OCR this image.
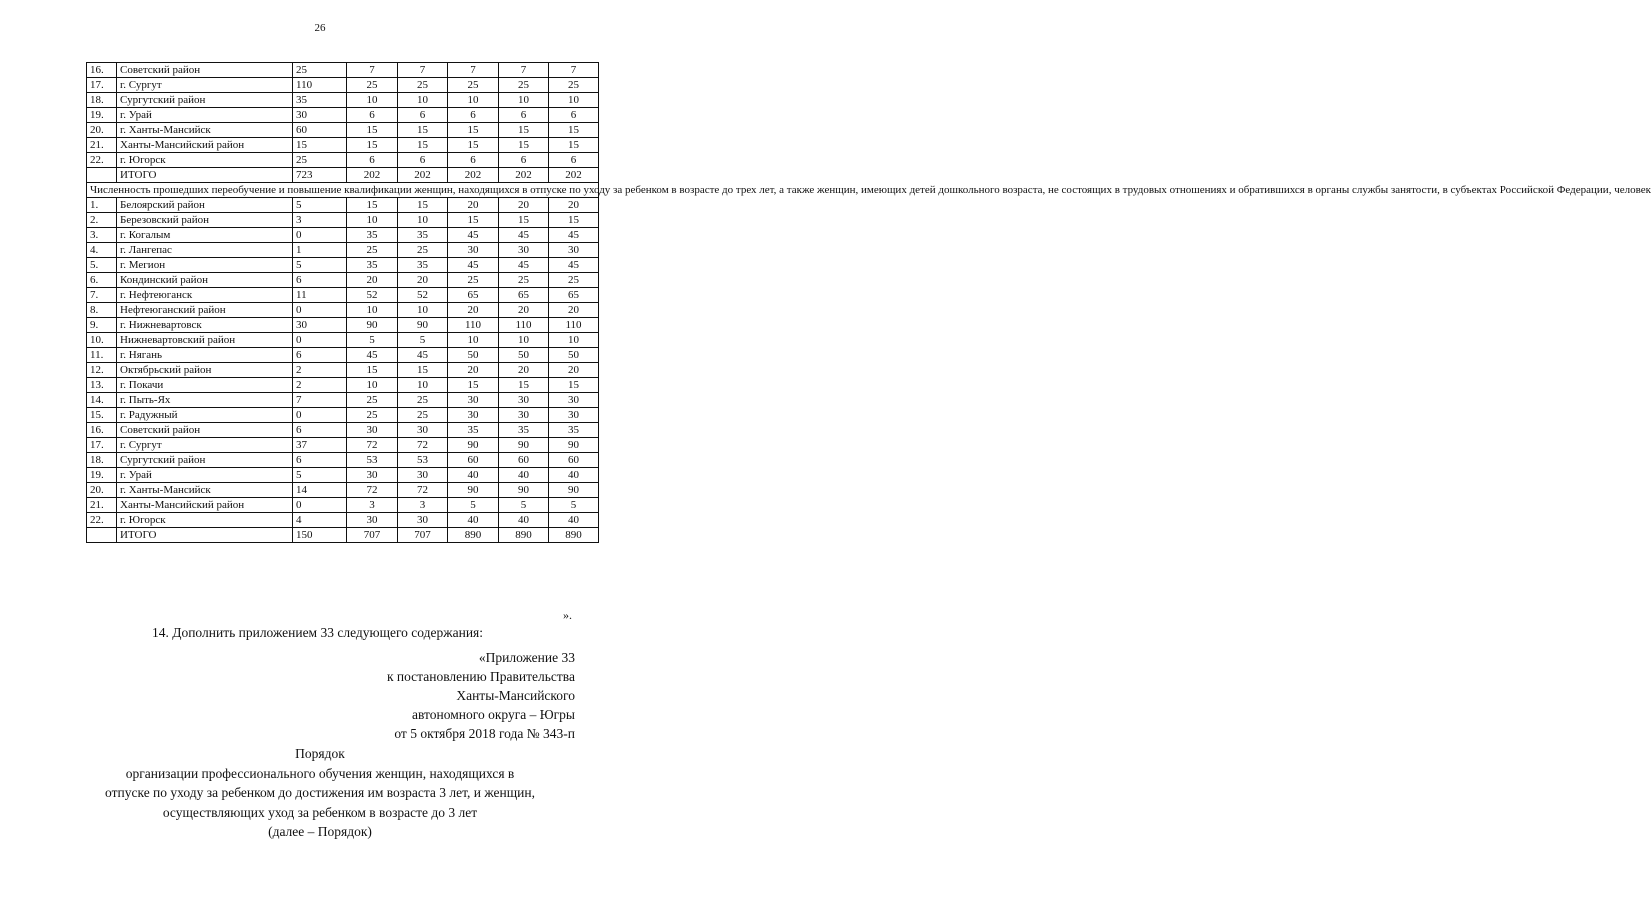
26
16.	Советский район	25	7	7	7	7	7
17.	г. Сургут	110	25	25	25	25	25
18.	Сургутский район	35	10	10	10	10	10
19.	г. Урай	30	6	6	6	6	6
20.	г. Ханты-Мансийск	60	15	15	15	15	15
21.	Ханты-Мансийский район	15	15	15	15	15	15
22.	г. Югорск	25	6	6	6	6	6
	ИТОГО	723	202	202	202	202	202
Численность прошедших переобучение и повышение квалификации женщин, находящихся в отпуске по уходу за ребенком в возрасте до трех лет, а также женщин, имеющих детей дошкольного возраста, не состоящих в трудовых отношениях и обратившихся в органы службы занятости, в субъектах Российской Федерации, человек							
1.	Белоярский район	5	15	15	20	20	20
2.	Березовский район	3	10	10	15	15	15
3.	г. Когалым	0	35	35	45	45	45
4.	г. Лангепас	1	25	25	30	30	30
5.	г. Мегион	5	35	35	45	45	45
6.	Кондинский район	6	20	20	25	25	25
7.	г. Нефтеюганск	11	52	52	65	65	65
8.	Нефтеюганский район	0	10	10	20	20	20
9.	г. Нижневартовск	30	90	90	110	110	110
10.	Нижневартовский район	0	5	5	10	10	10
11.	г. Нягань	6	45	45	50	50	50
12.	Октябрьский район	2	15	15	20	20	20
13.	г. Покачи	2	10	10	15	15	15
14.	г. Пыть-Ях	7	25	25	30	30	30
15.	г. Радужный	0	25	25	30	30	30
16.	Советский район	6	30	30	35	35	35
17.	г. Сургут	37	72	72	90	90	90
18.	Сургутский район	6	53	53	60	60	60
19.	г. Урай	5	30	30	40	40	40
20.	г. Ханты-Мансийск	14	72	72	90	90	90
21.	Ханты-Мансийский район	0	3	3	5	5	5
22.	г. Югорск	4	30	30	40	40	40
	ИТОГО	150	707	707	890	890	890
».
14. Дополнить приложением 33 следующего содержания:
«Приложение 33
к постановлению Правительства
Ханты-Мансийского
автономного округа – Югры
от 5 октября 2018 года № 343-п
Порядок
организации профессионального обучения женщин, находящихся в
отпуске по уходу за ребенком до достижения им возраста 3 лет, и женщин,
осуществляющих уход за ребенком в возрасте до 3 лет
(далее – Порядок)
